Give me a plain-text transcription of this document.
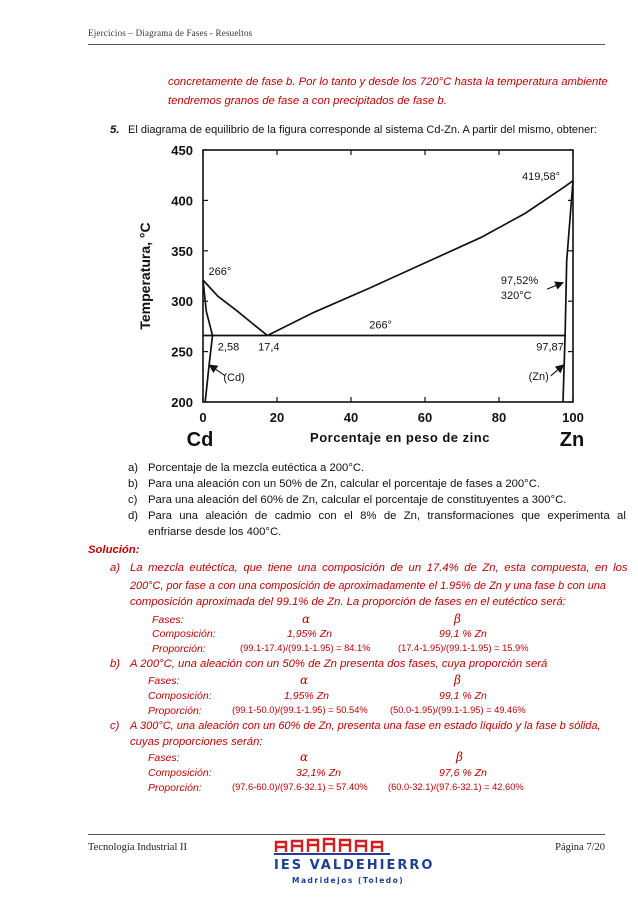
Ejercicios – Diagrama de Fases - Resueltos
concretamente de fase b. Por lo tanto y desde los 720°C hasta la temperatura ambiente
tendremos granos de fase a con precipitados de fase b.
5. El diagrama de equilibrio de la figura corresponde al sistema Cd-Zn. A partir del mismo, obtener:
200
250
300
350
400
450
0	20	40	60	80	100
Temperatura, °C
Porcentaje en peso de zinc
Cd	Zn
419,58°
266°
266°
97,52%
320°C
2,58 17,4	97,87
(Cd)	(Zn)
a) Porcentaje de la mezcla eutéctica a 200°C.
b) Para una aleación con un 50% de Zn, calcular el porcentaje de fases a 200°C.
c) Para una aleación del 60% de Zn, calcular el porcentaje de constituyentes a 300°C.
d) Para una aleación de cadmio con el 8% de Zn, transformaciones que experimenta al
enfriarse desde los 400°C.
Solución:
a) La mezcla eutéctica, que tiene una composición de un 17.4% de Zn, esta compuesta, en los
200°C, por fase a con una composición de aproximadamente el 1.95% de Zn y una fase b con una
composición aproximada del 99.1% de Zn. La proporción de fases en el eutéctico será:
Fases:	α	β
Composición:	1,95% Zn	99,1 % Zn
Proporción:	(99.1-17.4)/(99.1-1.95) = 84.1%	(17.4-1.95)/(99.1-1.95) = 15.9%
b) A 200°C, una aleación con un 50% de Zn presenta dos fases, cuya proporción será
Fases:	α	β
Composición:	1,95% Zn	99,1 % Zn
Proporción:	(99.1-50.0)/(99.1-1.95) = 50.54% (50.0-1.95)/(99.1-1.95) = 49.46%
c) A 300°C, una aleación con un 60% de Zn, presenta una fase en estado líquido y la fase b sólida,
cuyas proporciones serán:
Fases:	α	β
Composición:	32,1% Zn	97,6 % Zn
Proporción:	(97.6-60.0)/(97.6-32.1) = 57.40% (60.0-32.1)/(97.6-32.1) = 42.60%
Tecnología Industrial II	Página 7/20
IES VALDEHIERRO
Madridejos (Toledo)
